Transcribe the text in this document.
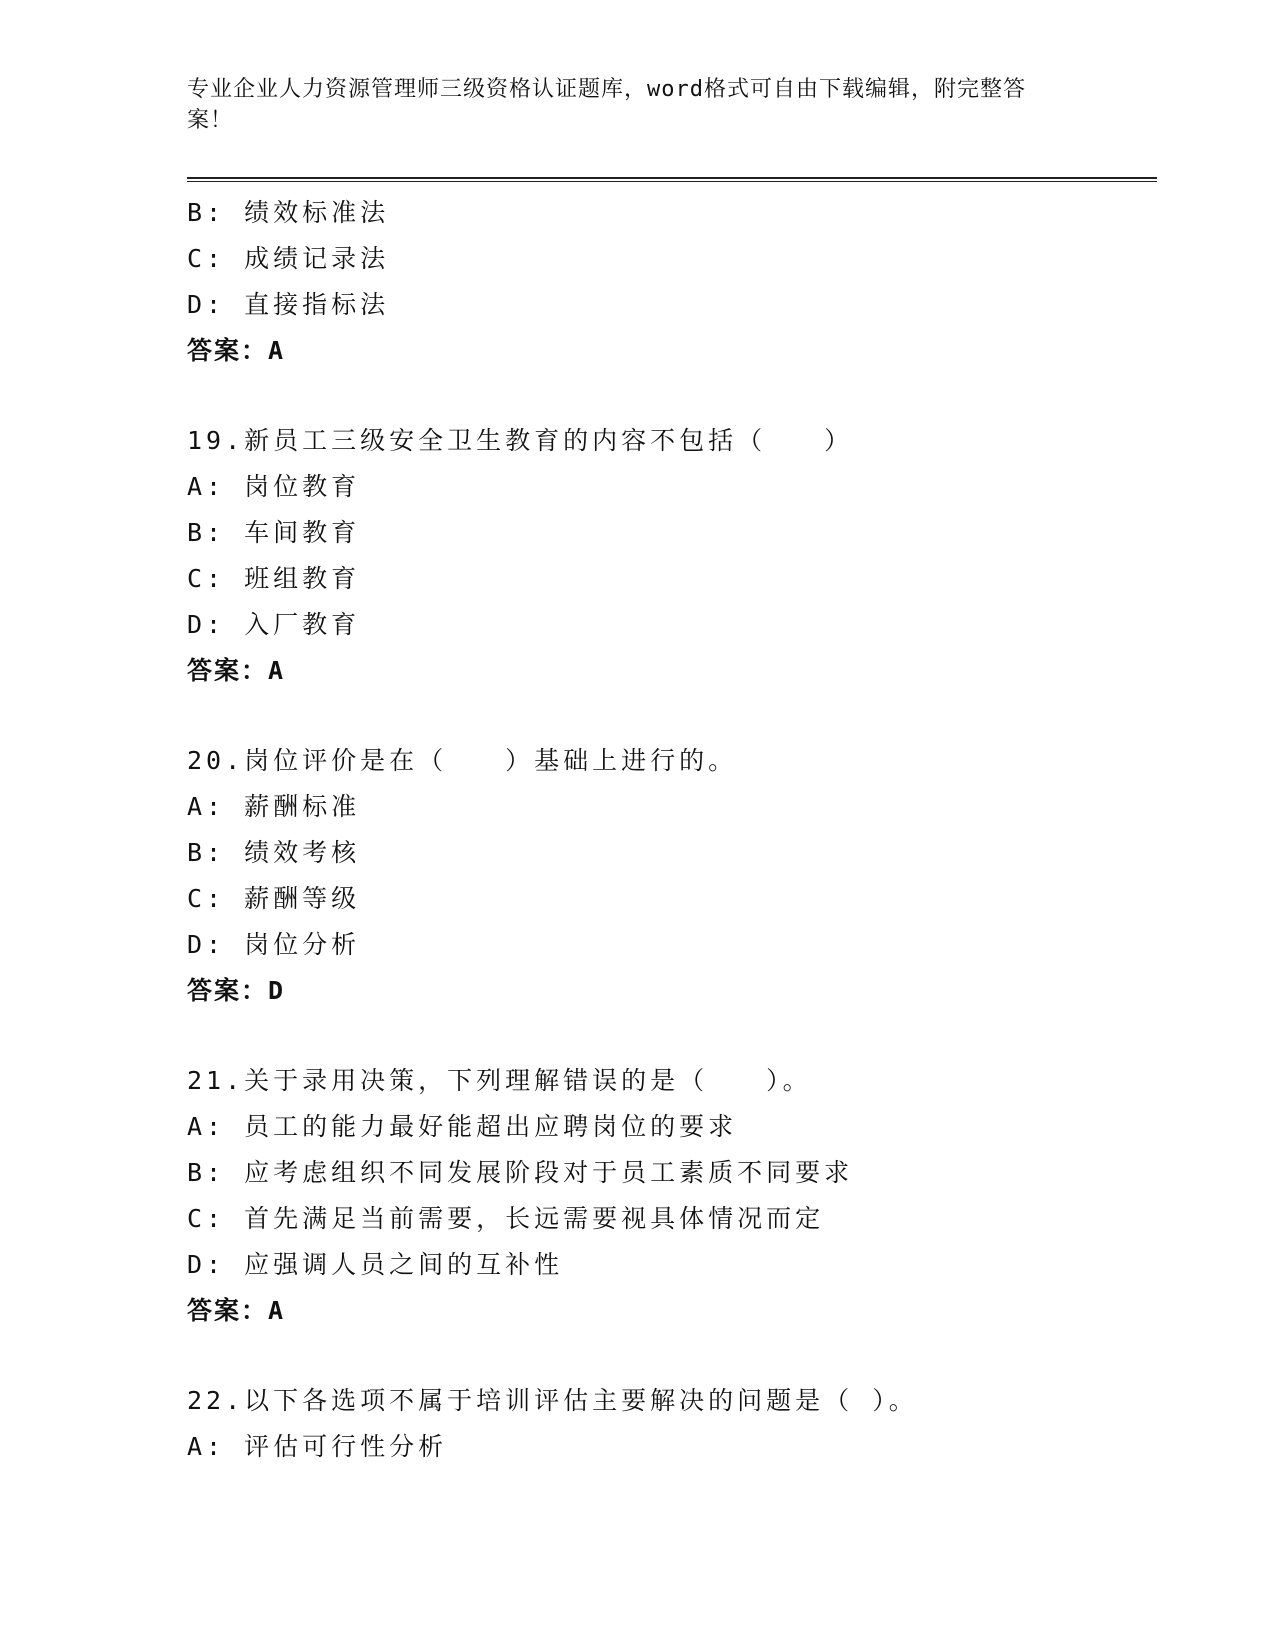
专业企业人力资源管理师三级资格认证题库，word格式可自由下载编辑，附完整答案！
B: 绩效标准法
C: 成绩记录法
D: 直接指标法
答案：A
19.新员工三级安全卫生教育的内容不包括（　　）
A: 岗位教育
B: 车间教育
C: 班组教育
D: 入厂教育
答案：A
20.岗位评价是在（　　）基础上进行的。
A: 薪酬标准
B: 绩效考核
C: 薪酬等级
D: 岗位分析
答案：D
21.关于录用决策，下列理解错误的是（　　）。
A: 员工的能力最好能超出应聘岗位的要求
B: 应考虑组织不同发展阶段对于员工素质不同要求
C: 首先满足当前需要，长远需要视具体情况而定
D: 应强调人员之间的互补性
答案：A
22.以下各选项不属于培训评估主要解决的问题是（ ）。
A: 评估可行性分析
